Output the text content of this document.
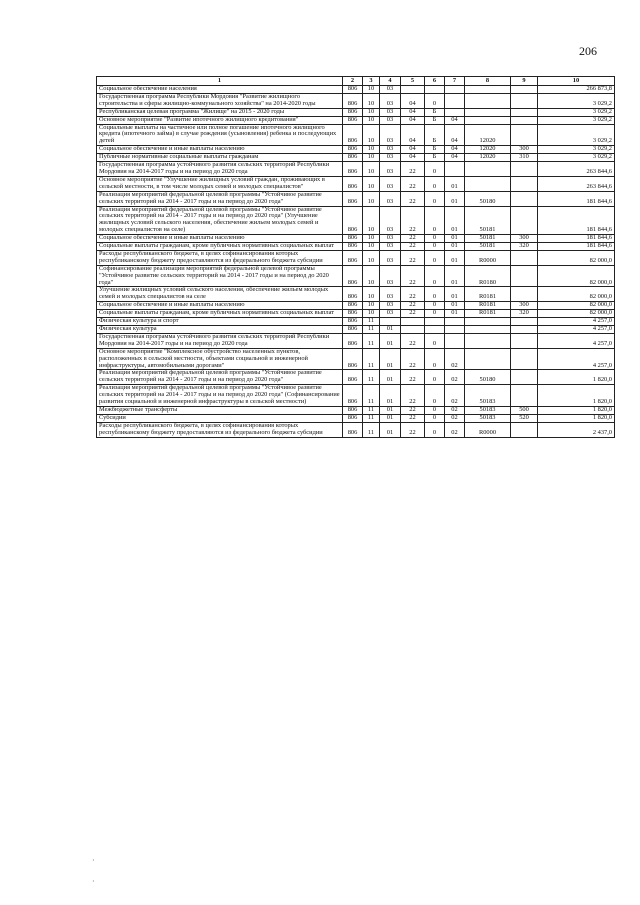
206
1	2	3	4	5	6	7	8	9	10
Социальное обеспечение населения	806	10	03						266 873,8
Государственная программа Республики Мордовия "Развитие жилищного строительства и сферы жилищно-коммунального хозяйства" на 2014-2020 годы	806	10	03	04	0				3 029,2
Республиканская целевая программа "Жилище" на 2015 - 2020 годы	806	10	03	04	Б				3 029,2
Основное мероприятие "Развитие ипотечного жилищного кредитования"	806	10	03	04	Б	04			3 029,2
Социальные выплаты на частичное или полное погашение ипотечного жилищного кредита (ипотечного займа) в случае рождения (усыновления) ребенка и последующих детей	806	10	03	04	Б	04	12020		3 029,2
Социальное обеспечение и иные выплаты населению	806	10	03	04	Б	04	12020	300	3 029,2
Публичные нормативные социальные выплаты гражданам	806	10	03	04	Б	04	12020	310	3 029,2
Государственная программа устойчивого развития сельских территорий Республики Мордовия на 2014-2017 годы и на период до 2020 года	806	10	03	22	0				263 844,6
Основное мероприятие "Улучшение жилищных условий граждан, проживающих в сельской местности, в том числе молодых семей и молодых специалистов"	806	10	03	22	0	01			263 844,6
Реализация мероприятий федеральной целевой программы "Устойчивое развитие сельских территорий на 2014 - 2017 годы и на период до 2020 года"	806	10	03	22	0	01	50180		181 844,6
Реализация мероприятий федеральной целевой программы "Устойчивое развитие сельских территорий на 2014 - 2017 годы и на период до 2020 года" (Улучшение жилищных условий сельского населения, обеспечение жильем молодых семей и молодых специалистов на селе)	806	10	03	22	0	01	50181		181 844,6
Социальное обеспечение и иные выплаты населению	806	10	03	22	0	01	50181	300	181 844,6
Социальные выплаты гражданам, кроме публичных нормативных социальных выплат	806	10	03	22	0	01	50181	320	181 844,6
Расходы республиканского бюджета, в целях софинансирования которых республиканскому бюджету предоставляются из федерального бюджета субсидии	806	10	03	22	0	01	R0000		82 000,0
Софинансирование реализации мероприятий федеральной целевой программы "Устойчивое развитие сельских территорий на 2014 - 2017 годы и на период до 2020 года"	806	10	03	22	0	01	R0180		82 000,0
Улучшение жилищных условий сельского населения, обеспечение жильем молодых семей и молодых специалистов на селе	806	10	03	22	0	01	R0181		82 000,0
Социальное обеспечение и иные выплаты населению	806	10	03	22	0	01	R0181	300	82 000,0
Социальные выплаты гражданам, кроме публичных нормативных социальных выплат	806	10	03	22	0	01	R0181	320	82 000,0
Физическая культура и спорт	806	11							4 257,0
Физическая культура	806	11	01						4 257,0
Государственная программа устойчивого развития сельских территорий Республики Мордовия на 2014-2017 годы и на период до 2020 года	806	11	01	22	0				4 257,0
Основное мероприятие "Комплексное обустройство населенных пунктов, расположенных в сельской местности, объектами социальной и инженерной инфраструктуры, автомобильными дорогами"	806	11	01	22	0	02			4 257,0
Реализация мероприятий федеральной целевой программы "Устойчивое развитие сельских территорий на 2014 - 2017 годы и на период до 2020 года"	806	11	01	22	0	02	50180		1 820,0
Реализация мероприятий федеральной целевой программы "Устойчивое развитие сельских территорий на 2014 - 2017 годы и на период до 2020 года" (Софинансирование развития социальной и инженерной инфраструктуры в сельской местности)	806	11	01	22	0	02	50183		1 820,0
Межбюджетные трансферты	806	11	01	22	0	02	50183	500	1 820,0
Субсидии	806	11	01	22	0	02	50183	520	1 820,0
Расходы республиканского бюджета, в целях софинансирования которых республиканскому бюджету предоставляются из федерального бюджета субсидии	806	11	01	22	0	02	R0000		2 437,0
·
·
